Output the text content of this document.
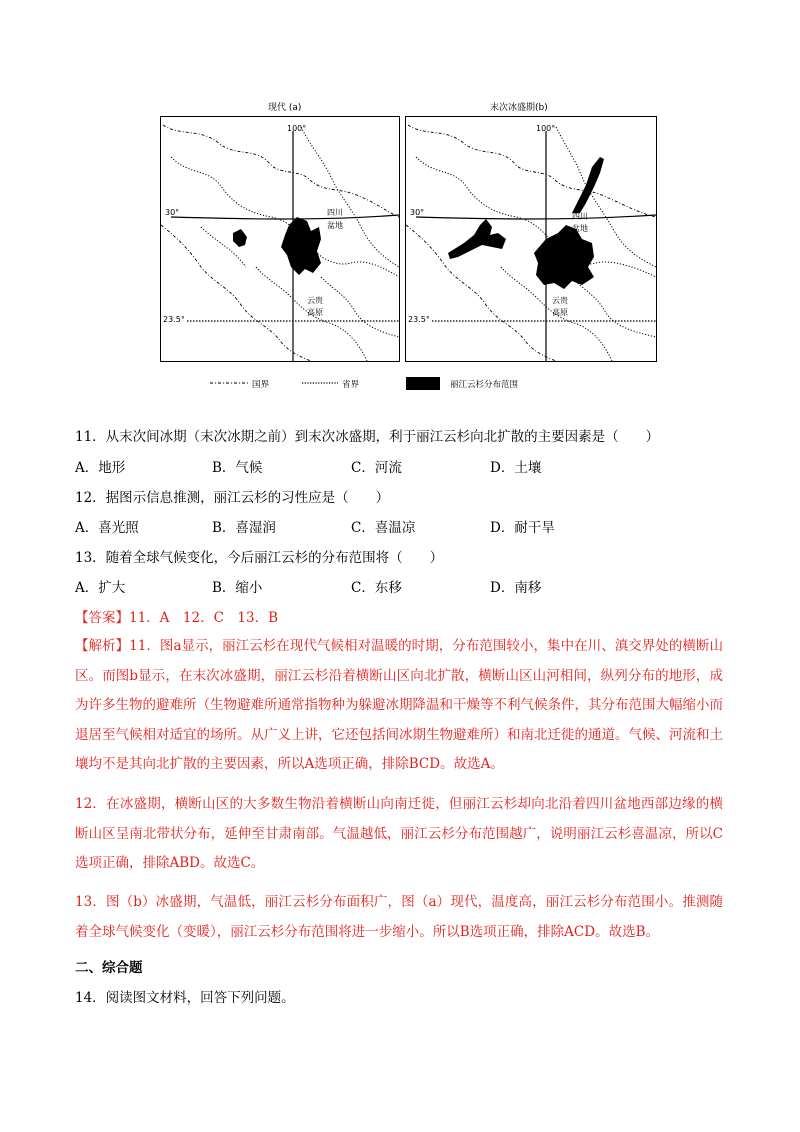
现代 (a)	末次冰盛期(b)
100°
30°
23.5°
四川
盆地
云贵
高原
100°
30°
23.5°
四川
盆地
云贵
高原
国界	省界	丽江云杉分布范围
11．从末次间冰期（末次冰期之前）到末次冰盛期，利于丽江云杉向北扩散的主要因素是（　　）
A．地形	B．气候	C．河流	D．土壤
12．据图示信息推测，丽江云杉的习性应是（　　）
A．喜光照	B．喜湿润	C．喜温凉	D．耐干旱
13．随着全球气候变化，今后丽江云杉的分布范围将（　　）
A．扩大	B．缩小	C．东移	D．南移
【答案】11．A　12．C　13．B
【解析】11．图a显示，丽江云杉在现代气候相对温暖的时期，分布范围较小，集中在川、滇交界处的横断山区。而图b显示，在末次冰盛期，丽江云杉沿着横断山区向北扩散，横断山区山河相间，纵列分布的地形，成为许多生物的避难所（生物避难所通常指物种为躲避冰期降温和干燥等不利气候条件，其分布范围大幅缩小而退居至气候相对适宜的场所。从广义上讲，它还包括间冰期生物避难所）和南北迁徙的通道。气候、河流和土壤均不是其向北扩散的主要因素，所以A选项正确，排除BCD。故选A。
12．在冰盛期，横断山区的大多数生物沿着横断山向南迁徙，但丽江云杉却向北沿着四川盆地西部边缘的横断山区呈南北带状分布，延伸至甘肃南部。气温越低，丽江云杉分布范围越广，说明丽江云杉喜温凉，所以C选项正确，排除ABD。故选C。
13．图（b）冰盛期，气温低，丽江云杉分布面积广，图（a）现代，温度高，丽江云杉分布范围小。推测随着全球气候变化（变暖），丽江云杉分布范围将进一步缩小。所以B选项正确，排除ACD。故选B。
二、综合题
14．阅读图文材料，回答下列问题。
